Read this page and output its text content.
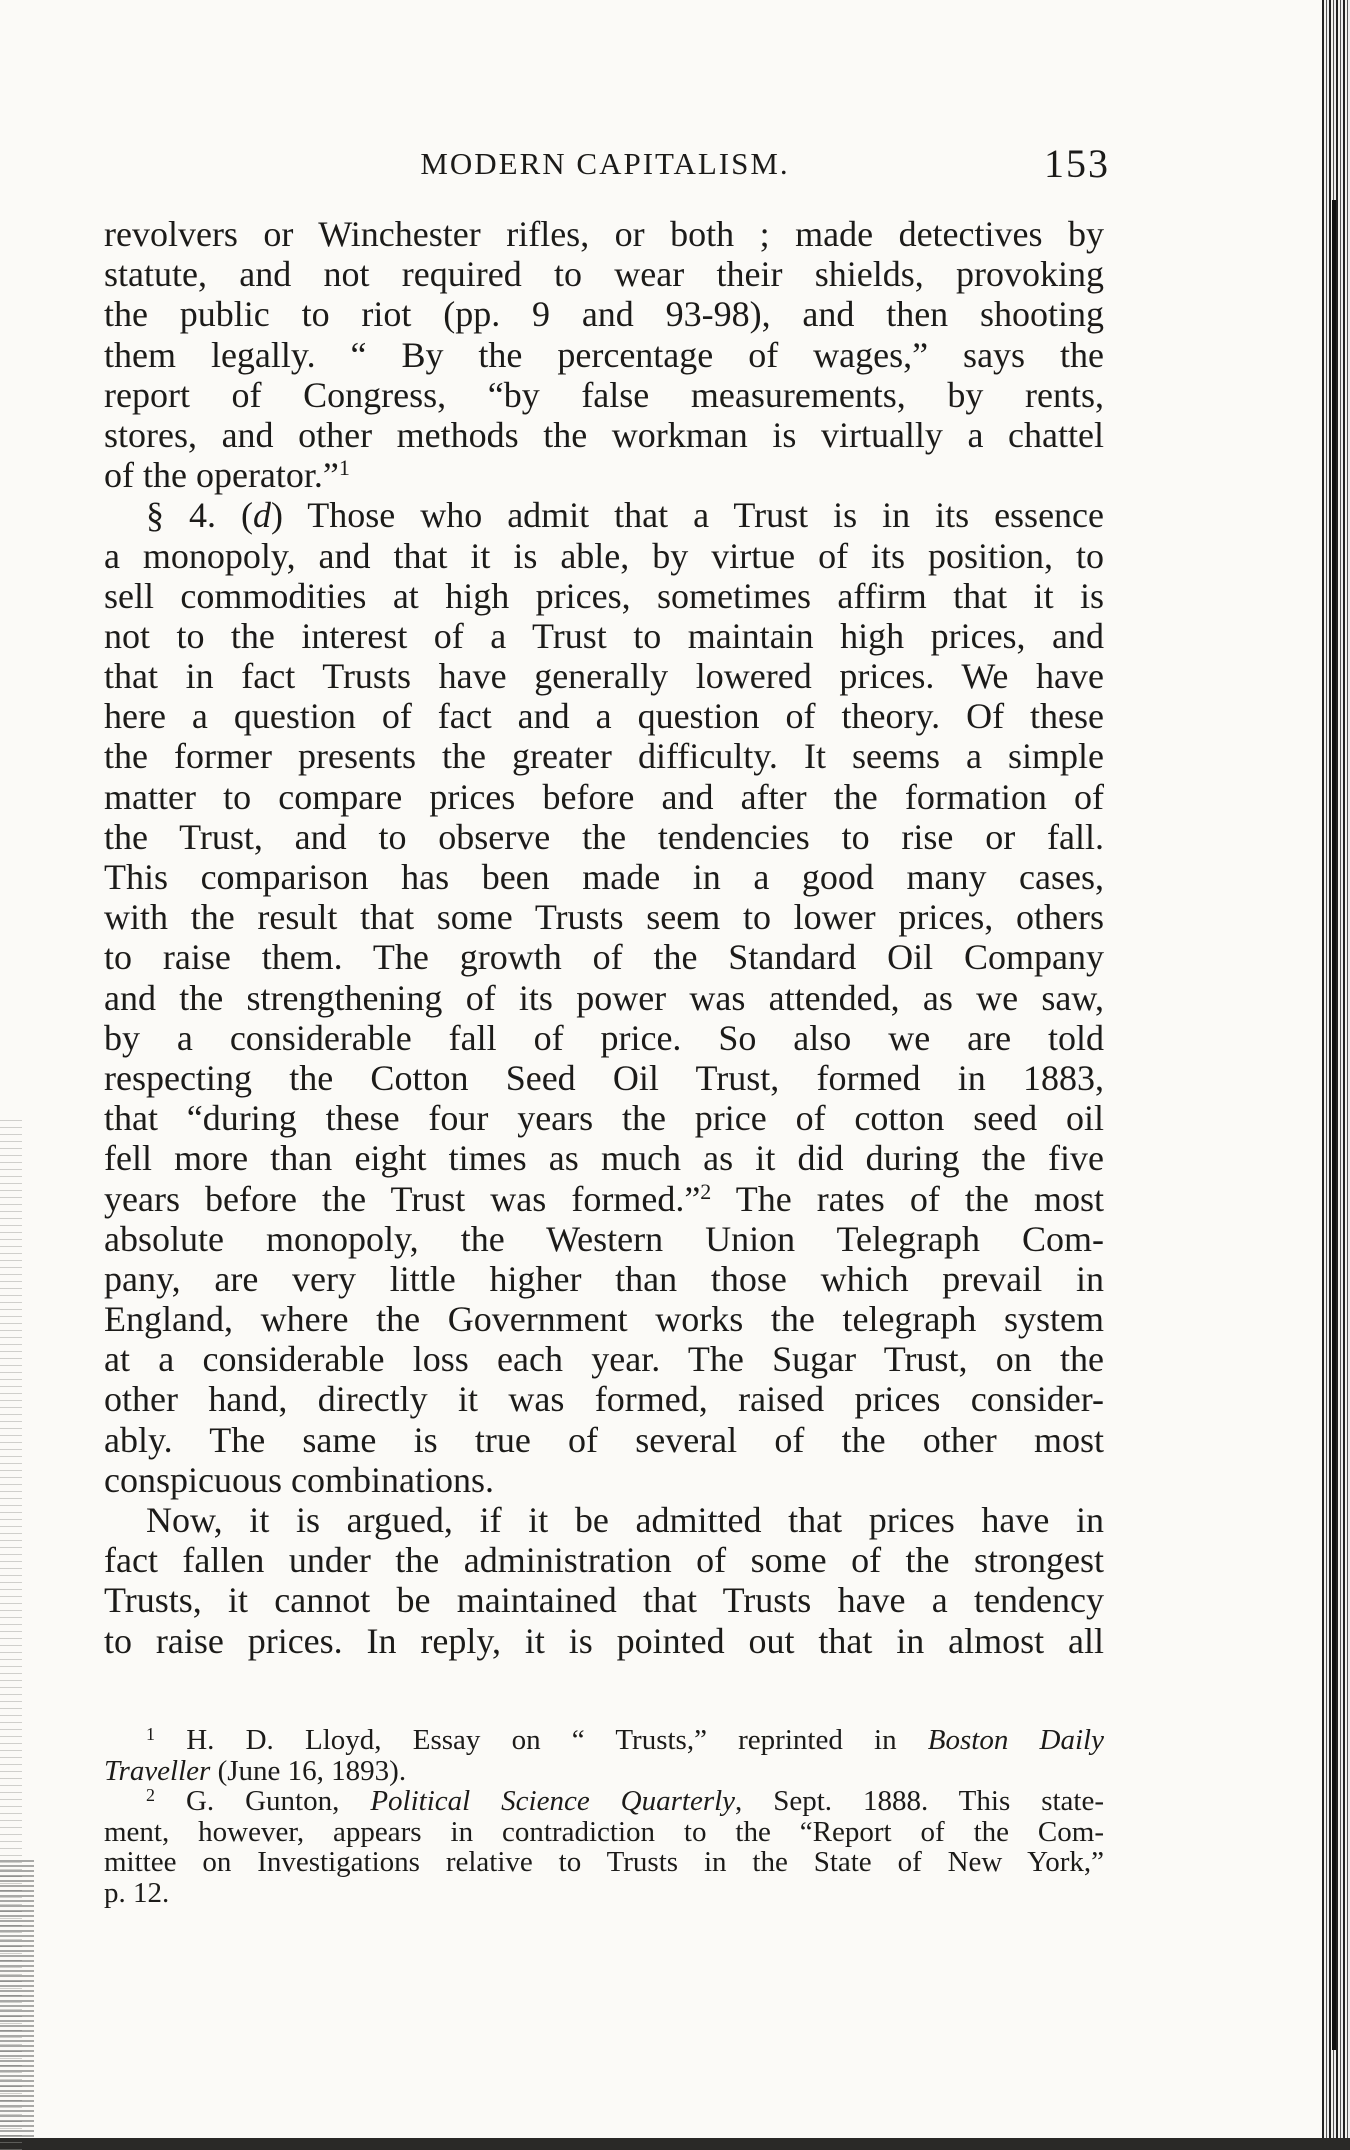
MODERN CAPITALISM.	153
revolvers or Winchester rifles, or both ; made detectives by
statute, and not required to wear their shields, provoking
the public to riot (pp. 9 and 93-98), and then shooting
them legally. “ By the percentage of wages,” says the
report of Congress, “by false measurements, by rents,
stores, and other methods the workman is virtually a chattel
of the operator.”$^1$
§ 4. (d) Those who admit that a Trust is in its essence
a monopoly, and that it is able, by virtue of its position, to
sell commodities at high prices, sometimes affirm that it is
not to the interest of a Trust to maintain high prices, and
that in fact Trusts have generally lowered prices. We have
here a question of fact and a question of theory. Of these
the former presents the greater difficulty. It seems a simple
matter to compare prices before and after the formation of
the Trust, and to observe the tendencies to rise or fall.
This comparison has been made in a good many cases,
with the result that some Trusts seem to lower prices, others
to raise them. The growth of the Standard Oil Company
and the strengthening of its power was attended, as we saw,
by a considerable fall of price. So also we are told
respecting the Cotton Seed Oil Trust, formed in 1883,
that “during these four years the price of cotton seed oil
fell more than eight times as much as it did during the five
years before the Trust was formed.”$^2$ The rates of the most
absolute monopoly, the Western Union Telegraph Com-
pany, are very little higher than those which prevail in
England, where the Government works the telegraph system
at a considerable loss each year. The Sugar Trust, on the
other hand, directly it was formed, raised prices consider-
ably. The same is true of several of the other most
conspicuous combinations.
Now, it is argued, if it be admitted that prices have in
fact fallen under the administration of some of the strongest
Trusts, it cannot be maintained that Trusts have a tendency
to raise prices. In reply, it is pointed out that in almost all
$^1$ H. D. Lloyd, Essay on “ Trusts,” reprinted in Boston Daily
Traveller (June 16, 1893).
$^2$ G. Gunton, Political Science Quarterly, Sept. 1888. This state-
ment, however, appears in contradiction to the “Report of the Com-
mittee on Investigations relative to Trusts in the State of New York,”
p. 12.
